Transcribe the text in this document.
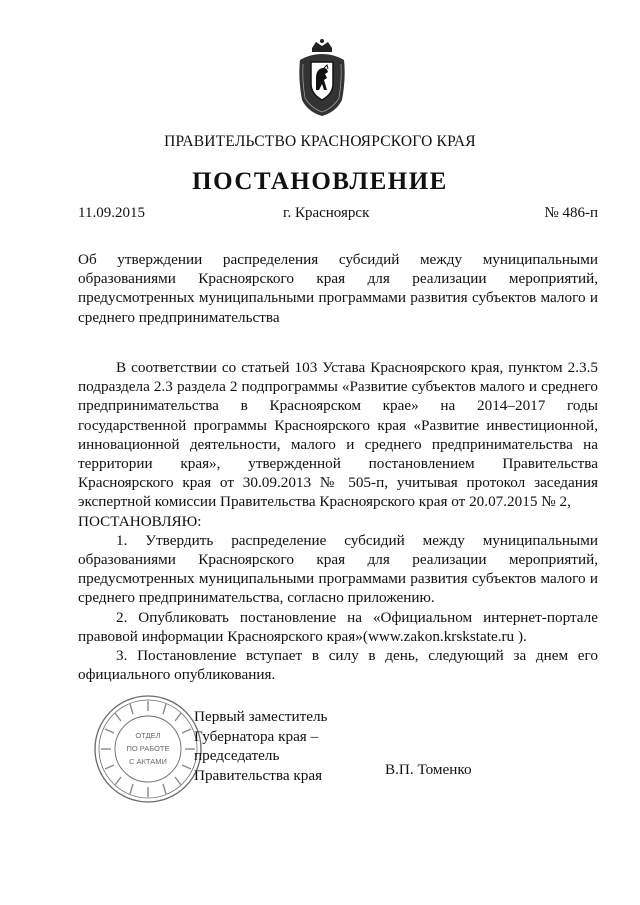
ПРАВИТЕЛЬСТВО КРАСНОЯРСКОГО КРАЯ
ПОСТАНОВЛЕНИЕ
11.09.2015	г. Красноярск	№ 486-п

Об утверждении распределения субсидий между муниципальными образованиями Красноярского края для реализации мероприятий, предусмотренных муниципальными программами развития субъектов малого и среднего предпринимательства

В соответствии со статьей 103 Устава Красноярского края, пунктом 2.3.5 подраздела 2.3 раздела 2 подпрограммы «Развитие субъектов малого и среднего предпринимательства в Красноярском крае» на 2014–2017 годы государственной программы Красноярского края «Развитие инвестиционной, инновационной деятельности, малого и среднего предпринимательства на территории края», утвержденной постановлением Правительства Красноярского края от 30.09.2013 № 505-п, учитывая протокол заседания экспертной комиссии Правительства Красноярского края от 20.07.2015 № 2,

ПОСТАНОВЛЯЮ:

1. Утвердить распределение субсидий между муниципальными образованиями Красноярского края для реализации мероприятий, предусмотренных муниципальными программами развития субъектов малого и среднего предпринимательства, согласно приложению.

2. Опубликовать постановление на «Официальном интернет-портале правовой информации Красноярского края»(www.zakon.krskstate.ru ).

3. Постановление вступает в силу в день, следующий за днем его официального опубликования.

ОТДЕЛ
ПО РАБОТЕ
С АКТАМИ
Первый заместитель
Губернатора края –
председатель
Правительства края	В.П. Томенко
